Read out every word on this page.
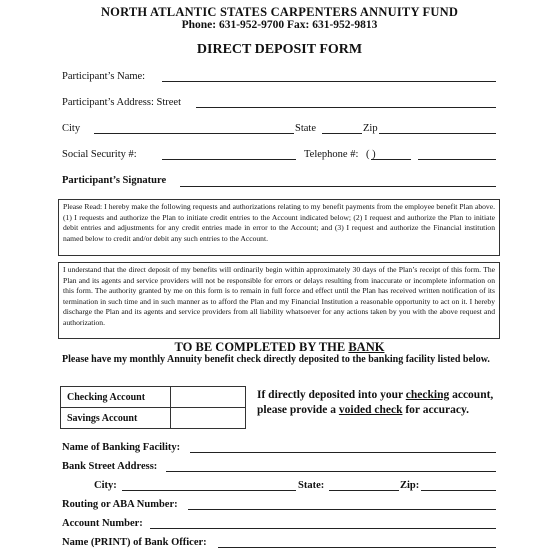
NORTH ATLANTIC STATES CARPENTERS ANNUITY FUND
Phone: 631-952-9700 Fax: 631-952-9813
DIRECT DEPOSIT FORM
Participant’s Name:
Participant’s Address: Street
City	State	Zip
Social Security #:	Telephone #: ( )
Participant’s Signature
Please Read: I hereby make the following requests and authorizations relating to my benefit payments from the employee benefit Plan above. (1) I requests and authorize the Plan to initiate credit entries to the Account indicated below; (2) I request and authorize the Plan to initiate debit entries and adjustments for any credit entries made in error to the Account; and (3) I request and authorize the Financial institution named below to credit and/or debit any such entries to the Account.
I understand that the direct deposit of my benefits will ordinarily begin within approximately 30 days of the Plan’s receipt of this form. The Plan and its agents and service providers will not be responsible for errors or delays resulting from inaccurate or incomplete information on this form. The authority granted by me on this form is to remain in full force and effect until the Plan has received written notification of its termination in such time and in such manner as to afford the Plan and my Financial Institution a reasonable opportunity to act on it. I hereby discharge the Plan and its agents and service providers from all liability whatsoever for any actions taken by you with the above request and authorization.
TO BE COMPLETED BY THE BANK
Please have my monthly Annuity benefit check directly deposited to the banking facility listed below.
Checking Account	
Savings Account	
If directly deposited into your checking account, please provide a voided check for accuracy.
Name of Banking Facility:
Bank Street Address:
City:	State:	Zip:
Routing or ABA Number:
Account Number:
Name (PRINT) of Bank Officer:
